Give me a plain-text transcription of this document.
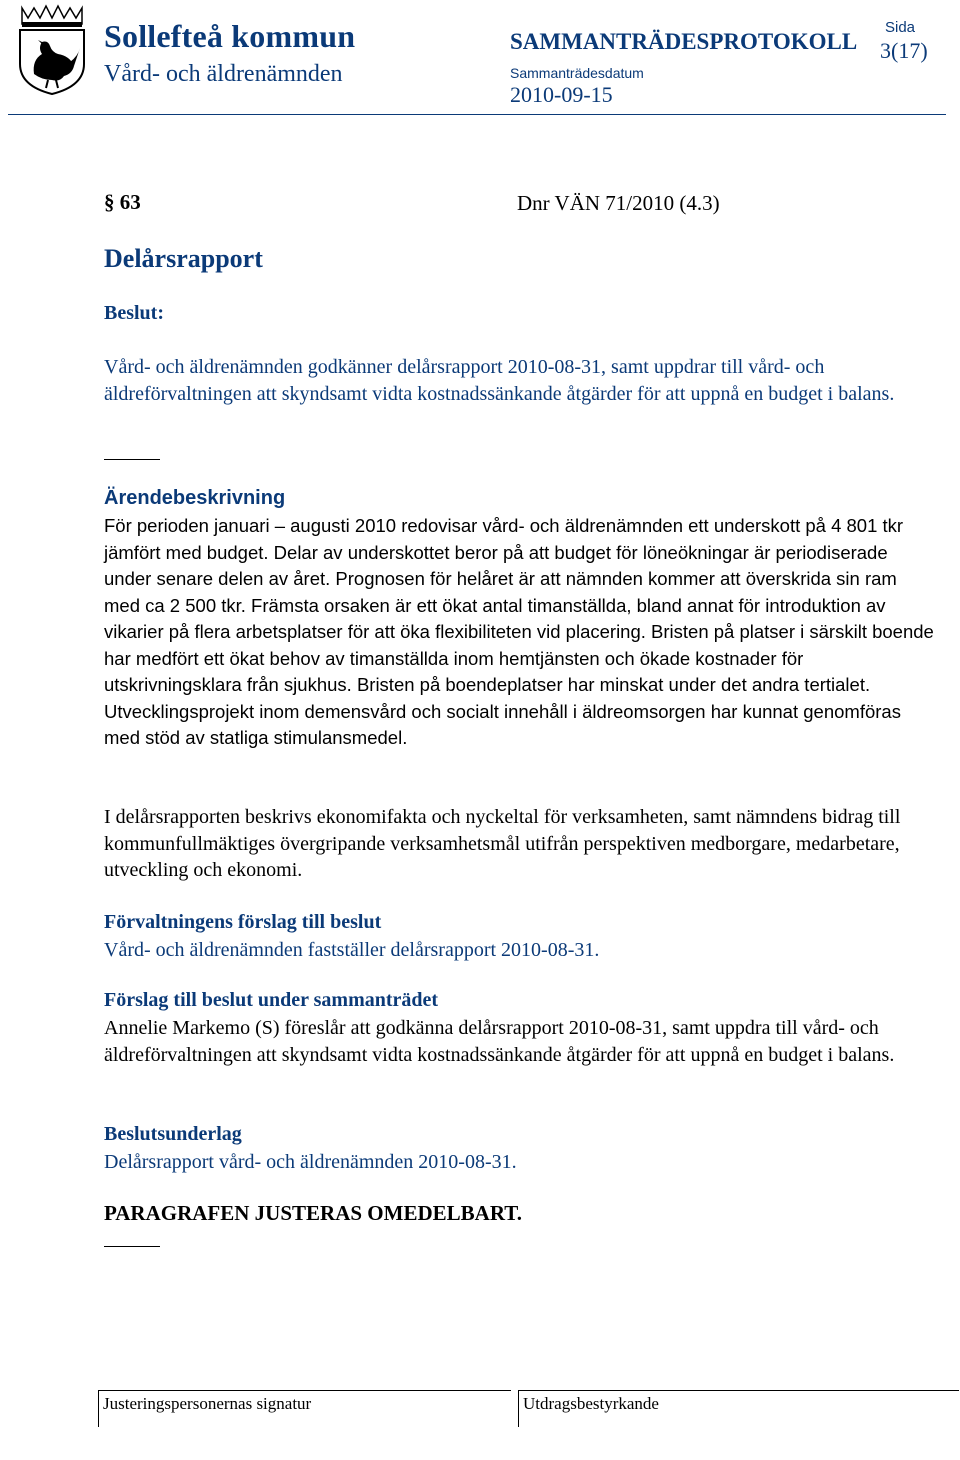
Sollefteå kommun
Vård- och äldrenämnden
SAMMANTRÄDESPROTOKOLL
Sammanträdesdatum
2010-09-15
Sida
3(17)
§ 63	Dnr VÄN 71/2010 (4.3)
Delårsrapport
Beslut:
Vård- och äldrenämnden godkänner delårsrapport 2010-08-31, samt uppdrar till vård- och äldreförvaltningen att skyndsamt vidta kostnadssänkande åtgärder för att uppnå en budget i balans.
Ärendebeskrivning
För perioden januari – augusti 2010 redovisar vård- och äldrenämnden ett underskott på 4 801 tkr jämfört med budget. Delar av underskottet beror på att budget för löneökningar är periodiserade under senare delen av året. Prognosen för helåret är att nämnden kommer att överskrida sin ram med ca 2 500 tkr. Främsta orsaken är ett ökat antal timanställda, bland annat för introduktion av vikarier på flera arbetsplatser för att öka flexibiliteten vid placering. Bristen på platser i särskilt boende har medfört ett ökat behov av timanställda inom hemtjänsten och ökade kostnader för utskrivningsklara från sjukhus. Bristen på boendeplatser har minskat under det andra tertialet. Utvecklingsprojekt inom demensvård och socialt innehåll i äldreomsorgen har kunnat genomföras med stöd av statliga stimulansmedel.
I delårsrapporten beskrivs ekonomifakta och nyckeltal för verksamheten, samt nämndens bidrag till kommunfullmäktiges övergripande verksamhetsmål utifrån perspektiven medborgare, medarbetare, utveckling och ekonomi.
Förvaltningens förslag till beslut
Vård- och äldrenämnden fastställer delårsrapport 2010-08-31.
Förslag till beslut under sammanträdet
Annelie Markemo (S) föreslår att godkänna delårsrapport 2010-08-31, samt uppdra till vård- och äldreförvaltningen att skyndsamt vidta kostnadssänkande åtgärder för att uppnå en budget i balans.
Beslutsunderlag
Delårsrapport vård- och äldrenämnden 2010-08-31.
PARAGRAFEN JUSTERAS OMEDELBART.
Justeringspersonernas signatur	Utdragsbestyrkande
